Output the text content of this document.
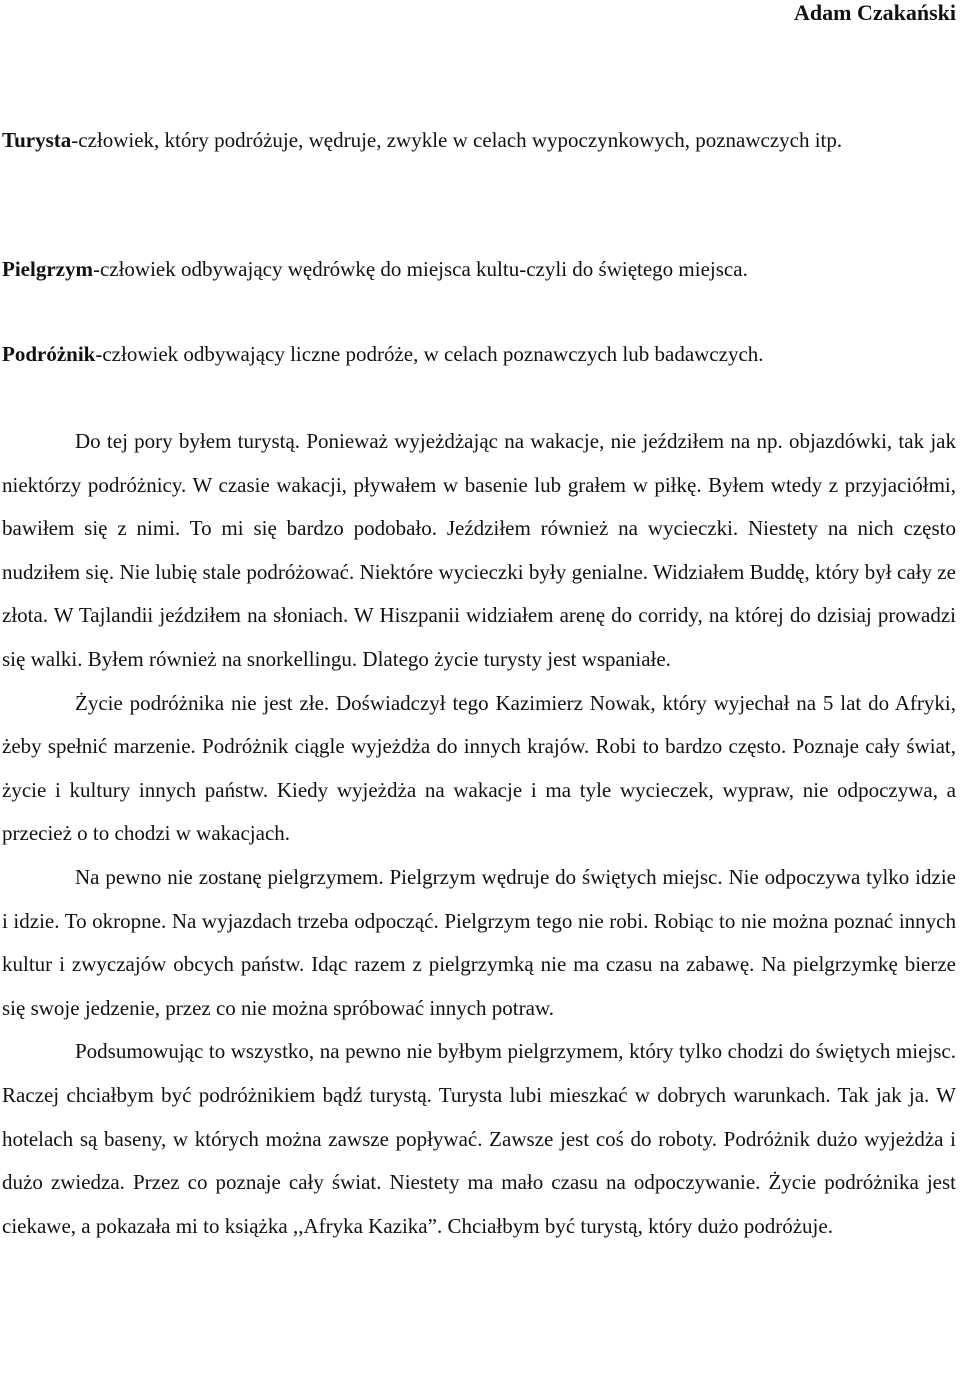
Adam Czakański

Turysta-człowiek, który podróżuje, wędruje, zwykle w celach wypoczynkowych, poznawczych itp.

Pielgrzym-człowiek odbywający wędrówkę do miejsca kultu-czyli do świętego miejsca.

Podróżnik-człowiek odbywający liczne podróże, w celach poznawczych lub badawczych.

Do tej pory byłem turystą. Ponieważ wyjeżdżając na wakacje, nie jeździłem na np. objazdówki, tak jak niektórzy podróżnicy. W czasie wakacji, pływałem w basenie lub grałem w piłkę. Byłem wtedy z przyjaciółmi, bawiłem się z nimi. To mi się bardzo podobało. Jeździłem również na wycieczki. Niestety na nich często nudziłem się. Nie lubię stale podróżować. Niektóre wycieczki były genialne. Widziałem Buddę, który był cały ze złota. W Tajlandii jeździłem na słoniach. W Hiszpanii widziałem arenę do corridy, na której do dzisiaj prowadzi się walki. Byłem również na snorkellingu. Dlatego życie turysty jest wspaniałe.

Życie podróżnika nie jest złe. Doświadczył tego Kazimierz Nowak, który wyjechał na 5 lat do Afryki, żeby spełnić marzenie. Podróżnik ciągle wyjeżdża do innych krajów. Robi to bardzo często. Poznaje cały świat, życie i kultury innych państw. Kiedy wyjeżdża na wakacje i ma tyle wycieczek, wypraw, nie odpoczywa, a przecież o to chodzi w wakacjach.

Na pewno nie zostanę pielgrzymem. Pielgrzym wędruje do świętych miejsc. Nie odpoczywa tylko idzie i idzie. To okropne. Na wyjazdach trzeba odpocząć. Pielgrzym tego nie robi. Robiąc to nie można poznać innych kultur i zwyczajów obcych państw. Idąc razem z pielgrzymką nie ma czasu na zabawę. Na pielgrzymkę bierze się swoje jedzenie, przez co nie można spróbować innych potraw.

Podsumowując to wszystko, na pewno nie byłbym pielgrzymem, który tylko chodzi do świętych miejsc. Raczej chciałbym być podróżnikiem bądź turystą. Turysta lubi mieszkać w dobrych warunkach. Tak jak ja. W hotelach są baseny, w których można zawsze popływać. Zawsze jest coś do roboty. Podróżnik dużo wyjeżdża i dużo zwiedza. Przez co poznaje cały świat. Niestety ma mało czasu na odpoczywanie. Życie podróżnika jest ciekawe, a pokazała mi to książka ,,Afryka Kazika”. Chciałbym być turystą, który dużo podróżuje.
